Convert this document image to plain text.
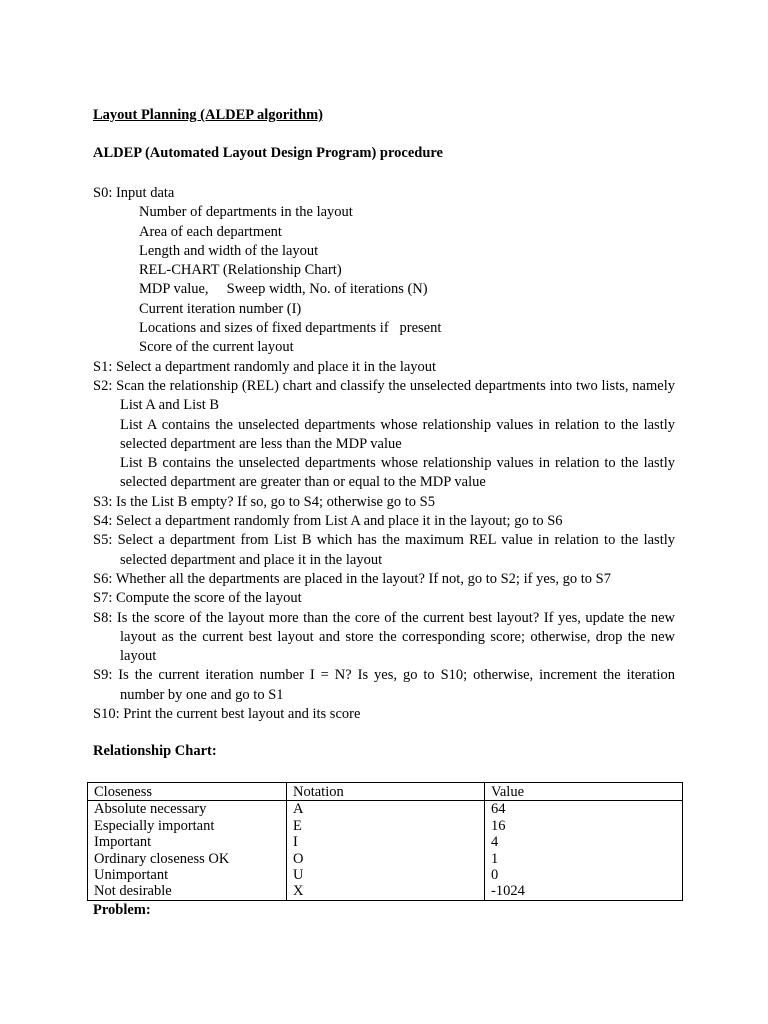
Layout Planning (ALDEP algorithm)
ALDEP (Automated Layout Design Program) procedure
S0: Input data
Number of departments in the layout
Area of each department
Length and width of the layout
REL-CHART (Relationship Chart)
MDP value,     Sweep width, No. of iterations (N)
Current iteration number (I)
Locations and sizes of fixed departments if   present
Score of the current layout
S1: Select a department randomly and place it in the layout
S2: Scan the relationship (REL) chart and classify the unselected departments into two lists, namely List A and List B
List A contains the unselected departments whose relationship values in relation to the lastly selected department are less than the MDP value
List B contains the unselected departments whose relationship values in relation to the lastly selected department are greater than or equal to the MDP value
S3: Is the List B empty? If so, go to S4; otherwise go to S5
S4: Select a department randomly from List A and place it in the layout; go to S6
S5: Select a department from List B which has the maximum REL value in relation to the lastly selected department and place it in the layout
S6: Whether all the departments are placed in the layout? If not, go to S2; if yes, go to S7
S7: Compute the score of the layout
S8: Is the score of the layout more than the core of the current best layout? If yes, update the new layout as the current best layout and store the corresponding score; otherwise, drop the new layout
S9: Is the current iteration number I = N? Is yes, go to S10; otherwise, increment the iteration number by one and go to S1
S10: Print the current best layout and its score
Relationship Chart:
Closeness	Notation	Value
Absolute necessary	A	64
Especially important	E	16
Important	I	4
Ordinary closeness OK	O	1
Unimportant	U	0
Not desirable	X	-1024
Problem:
